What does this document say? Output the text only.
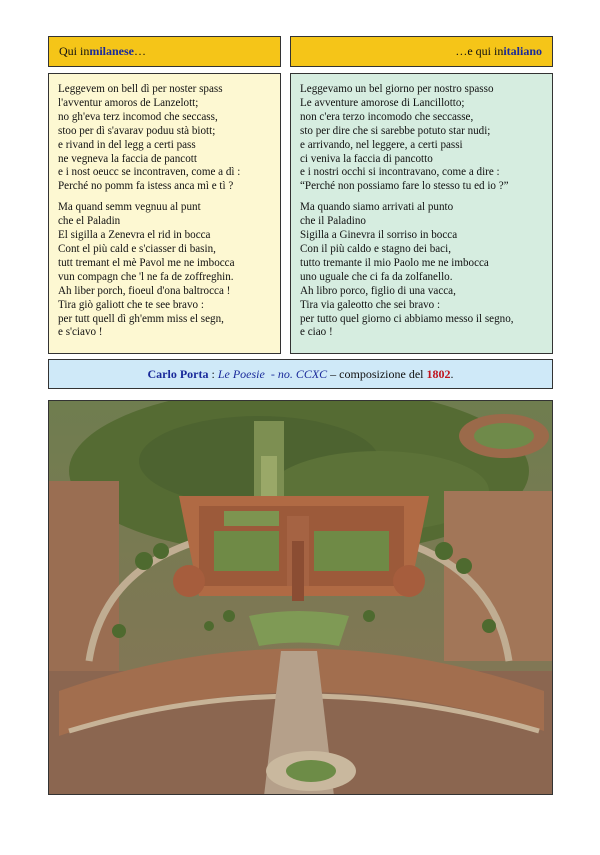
Qui in milanese …	…e qui in italiano
Leggevem on bell dì per noster spass
l'avventur amoros de Lanzelott;
no gh'eva terz incomod che seccass,
stoo per dì s'avarav poduu stà biott;
e rivand in del legg a certi pass
ne vegneva la faccia de pancott
e i nost oeucc se incontraven, come a dì :
Perché no pomm fa istess anca mì e tì ?
Ma quand semm vegnuu al punt
che el Paladin
El sigilla a Zenevra el rid in bocca
Cont el più cald e s'ciasser di basin,
tutt tremant el mè Pavol me ne imbocca
vun compagn che 'l ne fa de zoffreghin.
Ah liber porch, fioeul d'ona baltrocca !
Tira giò galiott che te see bravo :
per tutt quell dì gh'emm miss el segn,
e s'ciavo !
Leggevamo un bel giorno per nostro spasso
Le avventure amorose di Lancillotto;
non c'era terzo incomodo che seccasse,
sto per dire che si sarebbe potuto star nudi;
e arrivando, nel leggere, a certi passi
ci veniva la faccia di pancotto
e i nostri occhi si incontravano, come a dire :
“Perché non possiamo fare lo stesso tu ed io ?”
Ma quando siamo arrivati al punto
che il Paladino
Sigilla a Ginevra il sorriso in bocca
Con il più caldo e stagno dei baci,
tutto tremante il mio Paolo me ne imbocca
uno uguale che ci fa da zolfanello.
Ah libro porco, figlio di una vacca,
Tira via galeotto che sei bravo :
per tutto quel giorno ci abbiamo messo il segno,
e ciao !
Carlo Porta : Le Poesie - no. CCXC – composizione del 1802 .
